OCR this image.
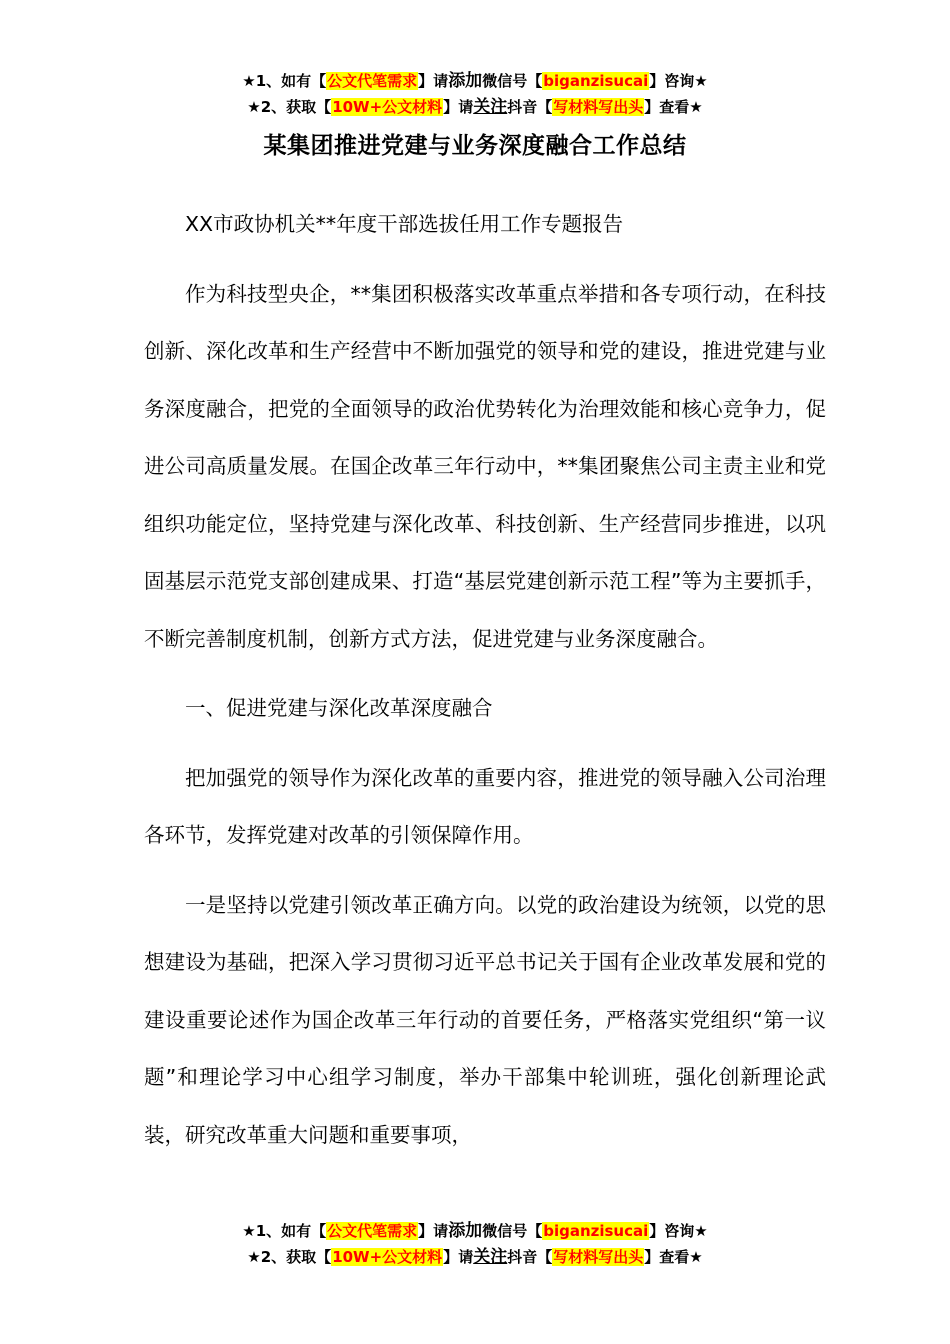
★1、如有【公文代笔需求】请添加微信号【biganzisucai】咨询★
★2、获取【10W+公文材料】请关注抖音【写材料写出头】查看★
某集团推进党建与业务深度融合工作总结

XX市政协机关**年度干部选拔任用工作专题报告

作为科技型央企，**集团积极落实改革重点举措和各专项行动，在科技创新、深化改革和生产经营中不断加强党的领导和党的建设，推进党建与业务深度融合，把党的全面领导的政治优势转化为治理效能和核心竞争力，促进公司高质量发展。在国企改革三年行动中，**集团聚焦公司主责主业和党组织功能定位，坚持党建与深化改革、科技创新、生产经营同步推进，以巩固基层示范党支部创建成果、打造“基层党建创新示范工程”等为主要抓手，不断完善制度机制，创新方式方法，促进党建与业务深度融合。

一、促进党建与深化改革深度融合

把加强党的领导作为深化改革的重要内容，推进党的领导融入公司治理各环节，发挥党建对改革的引领保障作用。

一是坚持以党建引领改革正确方向。以党的政治建设为统领，以党的思想建设为基础，把深入学习贯彻习近平总书记关于国有企业改革发展和党的建设重要论述作为国企改革三年行动的首要任务，严格落实党组织“第一议题”和理论学习中心组学习制度，举办干部集中轮训班，强化创新理论武装，研究改革重大问题和重要事项，

★1、如有【公文代笔需求】请添加微信号【biganzisucai】咨询★
★2、获取【10W+公文材料】请关注抖音【写材料写出头】查看★
